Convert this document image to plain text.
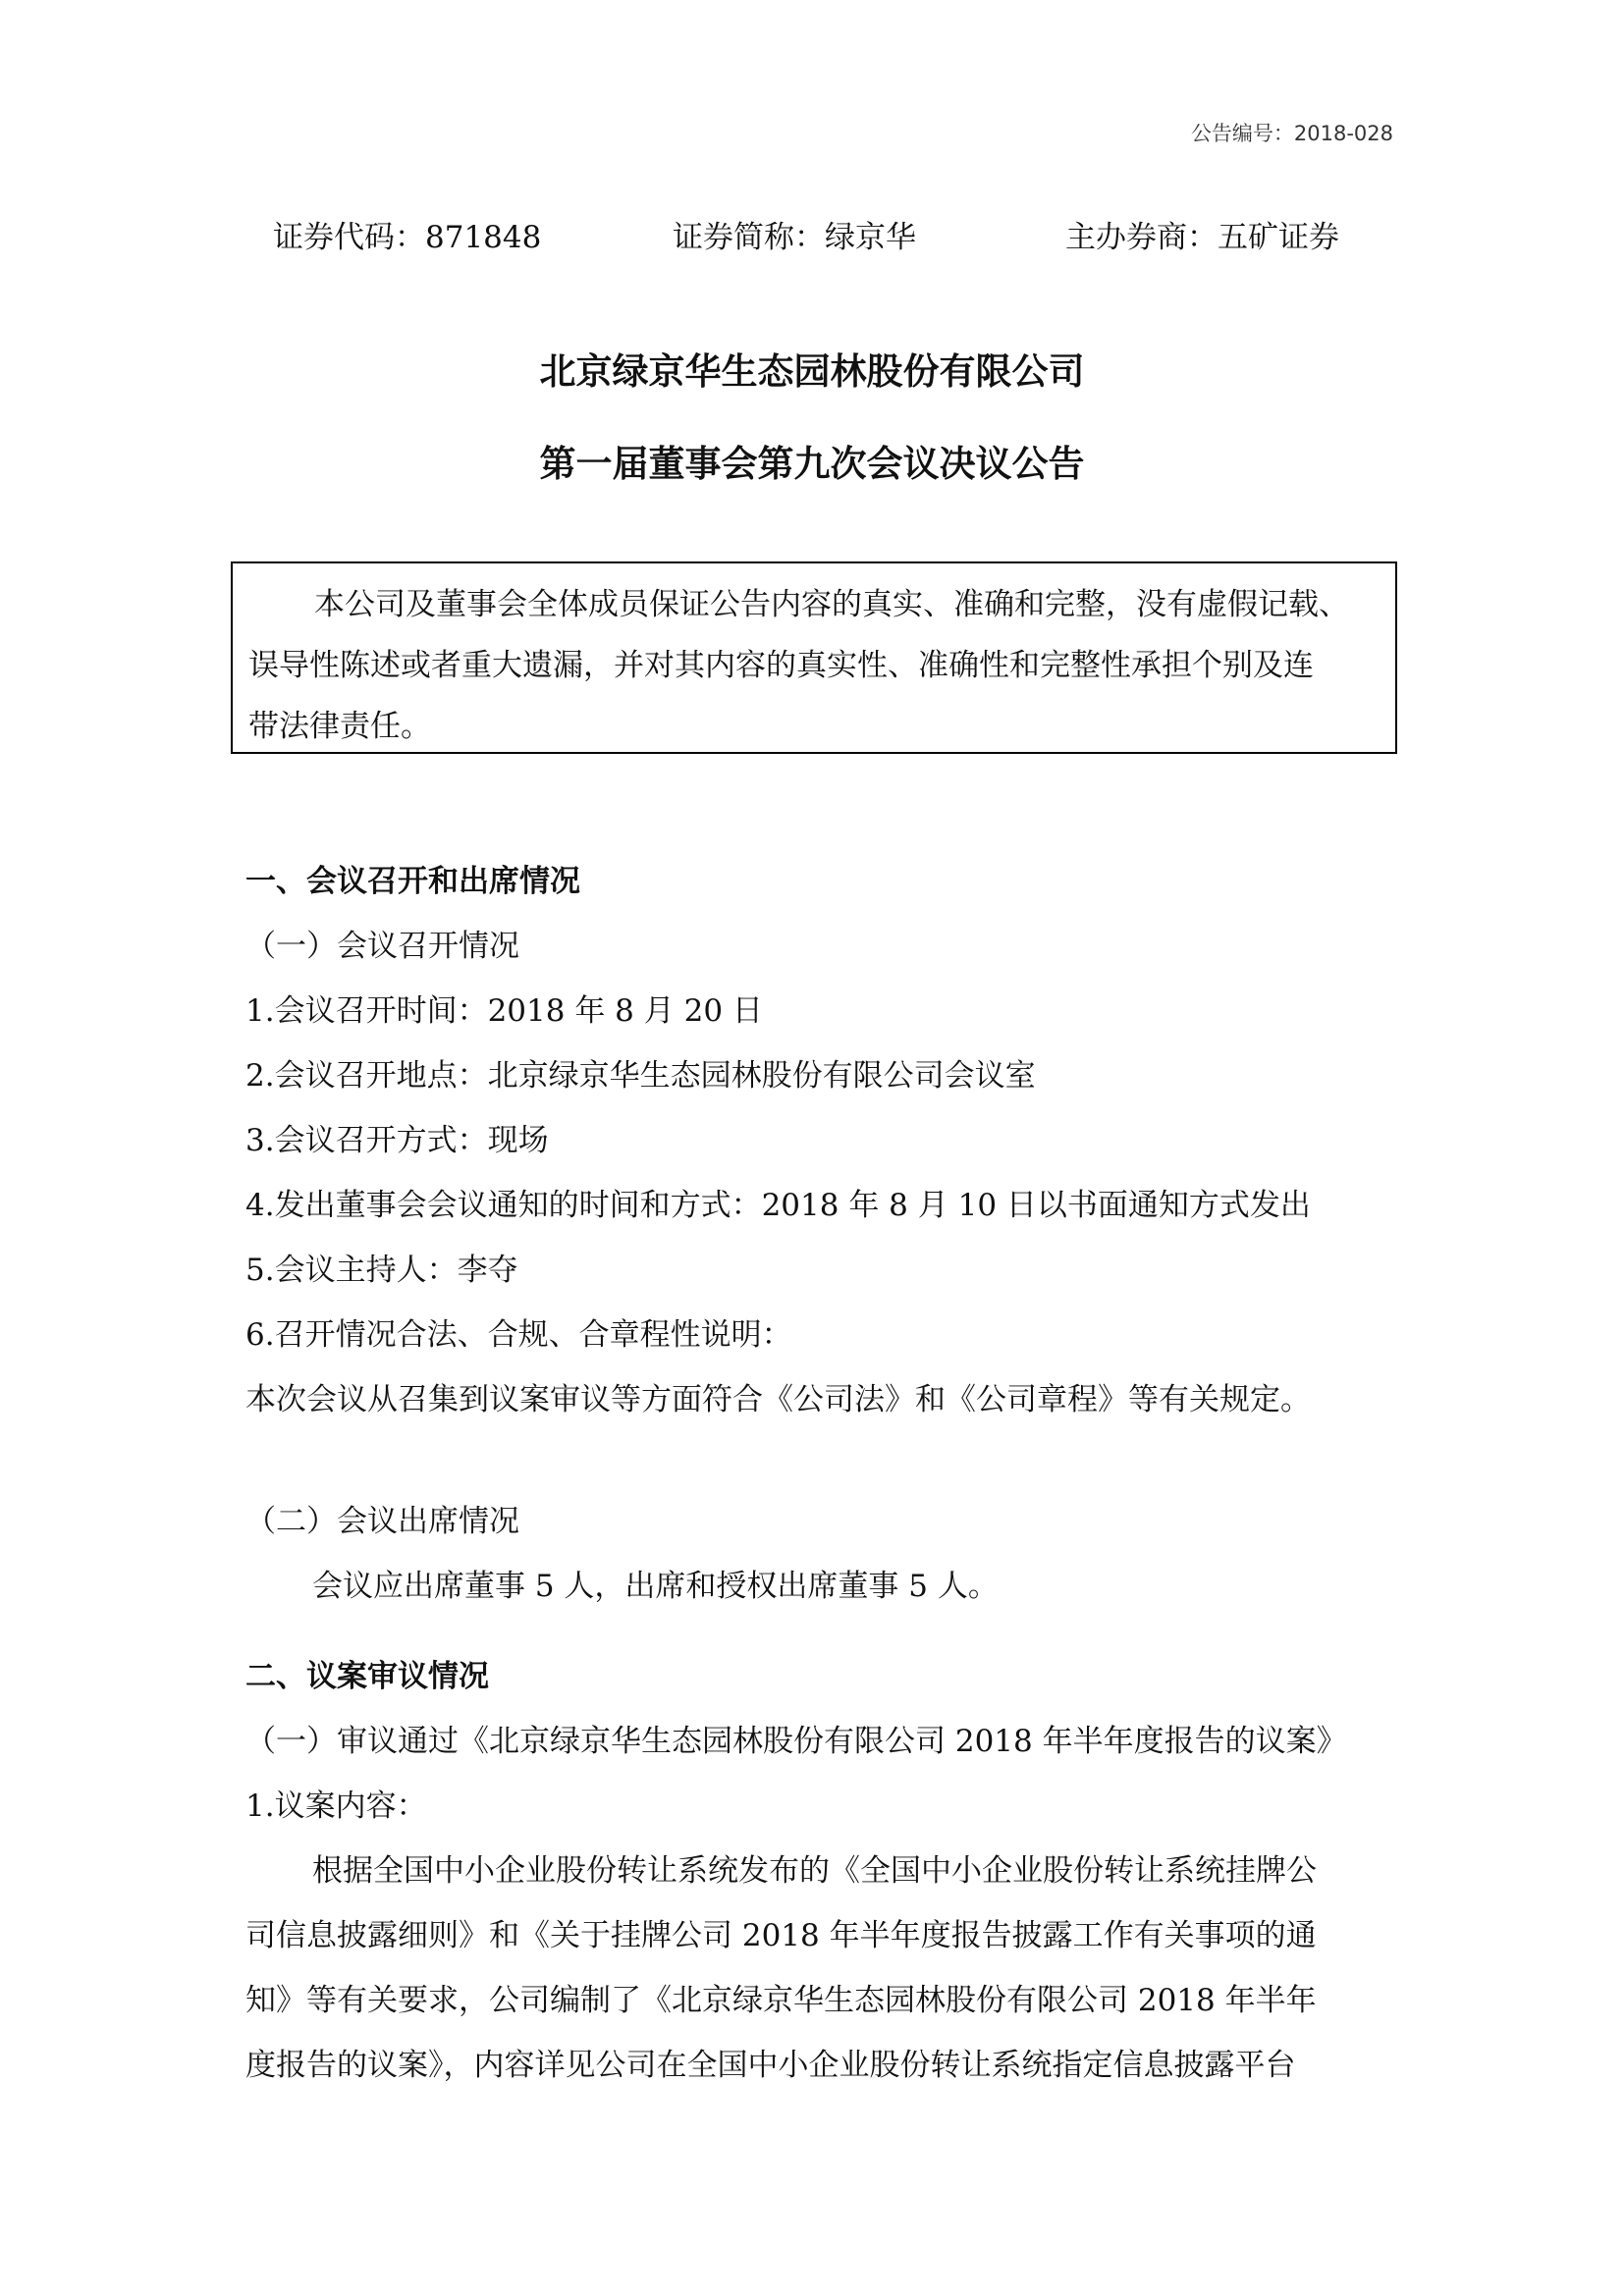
公告编号：2018-028
证券代码：871848	证券简称：绿京华	主办券商：五矿证券
北京绿京华生态园林股份有限公司
第一届董事会第九次会议决议公告
本公司及董事会全体成员保证公告内容的真实、准确和完整，没有虚假记载、
误导性陈述或者重大遗漏，并对其内容的真实性、准确性和完整性承担个别及连
带法律责任。
一、会议召开和出席情况
（一）会议召开情况
1.会议召开时间：2018 年 8 月 20 日
2.会议召开地点：北京绿京华生态园林股份有限公司会议室
3.会议召开方式：现场
4.发出董事会会议通知的时间和方式：2018 年 8 月 10 日以书面通知方式发出
5.会议主持人：李夺
6.召开情况合法、合规、合章程性说明：
本次会议从召集到议案审议等方面符合《公司法》和《公司章程》等有关规定。
（二）会议出席情况
会议应出席董事 5 人，出席和授权出席董事 5 人。
二、议案审议情况
（一）审议通过《北京绿京华生态园林股份有限公司 2018 年半年度报告的议案》
1.议案内容：
根据全国中小企业股份转让系统发布的《全国中小企业股份转让系统挂牌公
司信息披露细则》和《关于挂牌公司 2018 年半年度报告披露工作有关事项的通
知》等有关要求，公司编制了《北京绿京华生态园林股份有限公司 2018 年半年
度报告的议案》，内容详见公司在全国中小企业股份转让系统指定信息披露平台
